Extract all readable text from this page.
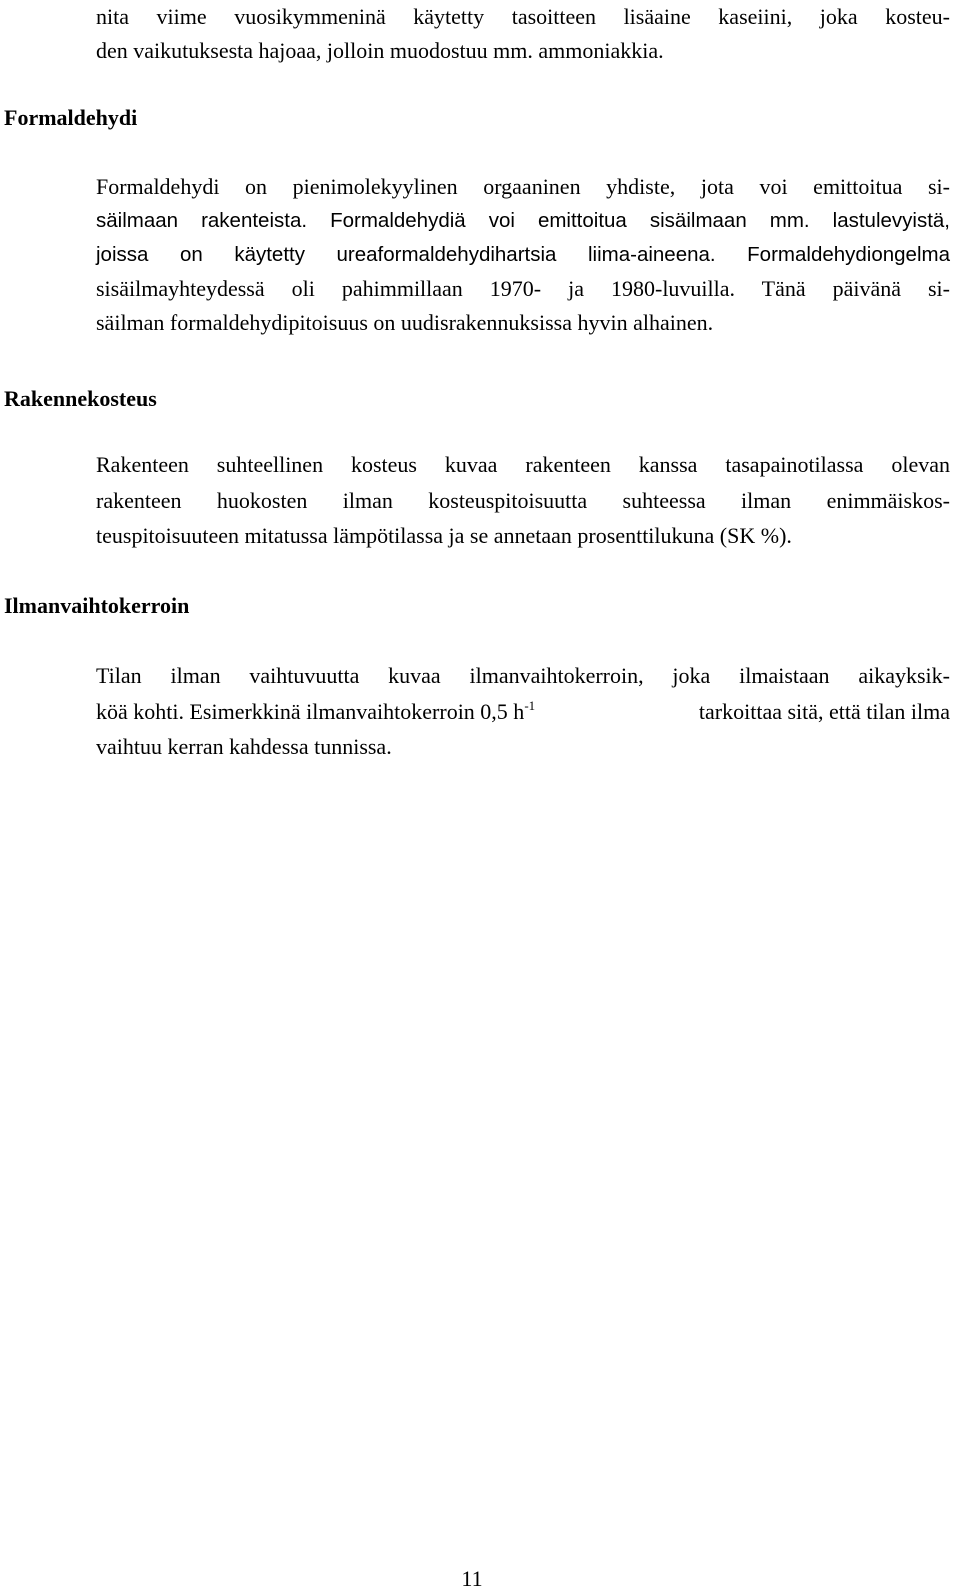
nita viime vuosikymmeninä käytetty tasoitteen lisäaine kaseiini, joka kosteu-
den vaikutuksesta hajoaa, jolloin muodostuu mm. ammoniakkia.
Formaldehydi
Formaldehydi on pienimolekyylinen orgaaninen yhdiste, jota voi emittoitua si-
säilmaan rakenteista. Formaldehydiä voi emittoitua sisäilmaan mm. lastulevyistä,
joissa on käytetty ureaformaldehydihartsia liima-aineena. Formaldehydiongelma
sisäilmayhteydessä oli pahimmillaan 1970- ja 1980-luvuilla. Tänä päivänä si-
säilman formaldehydipitoisuus on uudisrakennuksissa hyvin alhainen.
Rakennekosteus
Rakenteen suhteellinen kosteus kuvaa rakenteen kanssa tasapainotilassa olevan
rakenteen huokosten ilman kosteuspitoisuutta suhteessa ilman enimmäiskos-
teuspitoisuuteen mitatussa lämpötilassa ja se annetaan prosenttilukuna (SK %).
Ilmanvaihtokerroin
Tilan ilman vaihtuvuutta kuvaa ilmanvaihtokerroin, joka ilmaistaan aikayksik-
köä kohti. Esimerkkinä ilmanvaihtokerroin 0,5 $h^{-1}$	tarkoittaa sitä, että tilan ilma
vaihtuu kerran kahdessa tunnissa.
11
